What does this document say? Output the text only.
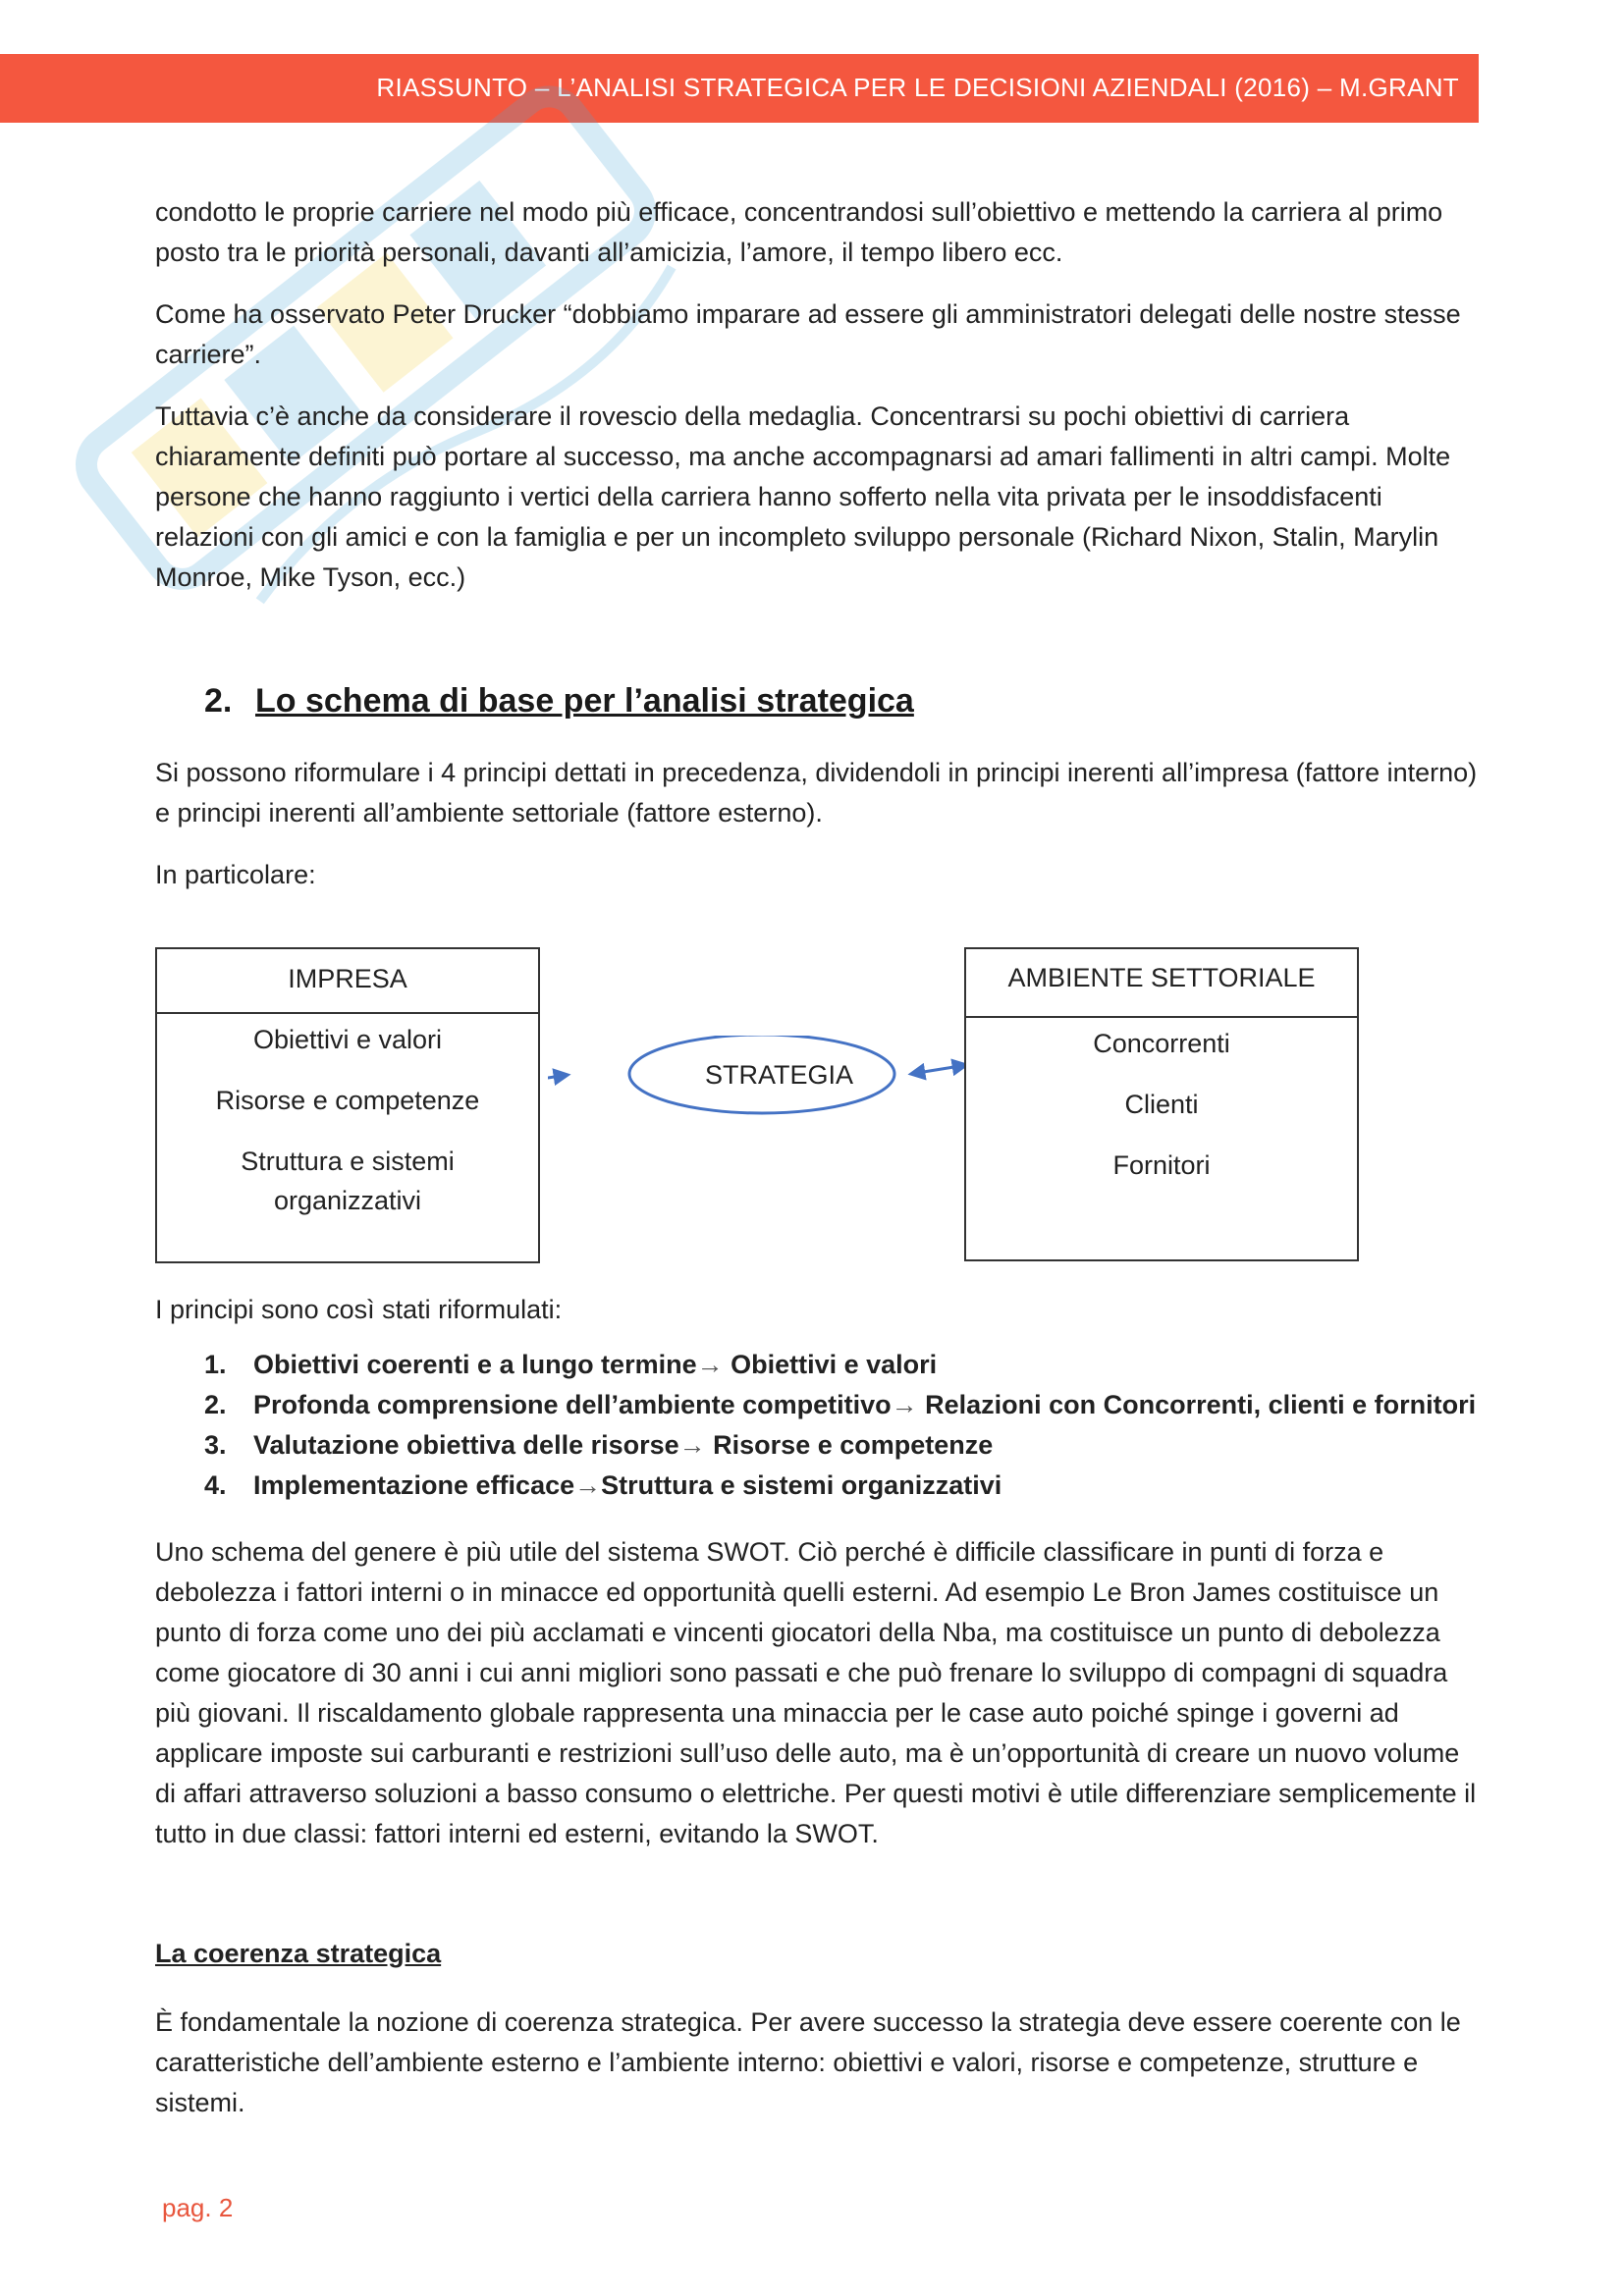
RIASSUNTO – L’ANALISI STRATEGICA PER LE DECISIONI AZIENDALI (2016) – M.GRANT

condotto le proprie carriere nel modo più efficace, concentrandosi sull’obiettivo e mettendo la carriera al primo posto tra le priorità personali, davanti all’amicizia, l’amore, il tempo libero ecc.

Come ha osservato Peter Drucker “dobbiamo imparare ad essere gli amministratori delegati delle nostre stesse carriere”.

Tuttavia c’è anche da considerare il rovescio della medaglia. Concentrarsi su pochi obiettivi di carriera chiaramente definiti può portare al successo, ma anche accompagnarsi ad amari fallimenti in altri campi. Molte persone che hanno raggiunto i vertici della carriera hanno sofferto nella vita privata per le insoddisfacenti relazioni con gli amici e con la famiglia e per un incompleto sviluppo personale (Richard Nixon, Stalin, Marylin Monroe, Mike Tyson, ecc.)

2. Lo schema di base per l’analisi strategica

Si possono riformulare i 4 principi dettati in precedenza, dividendoli in principi inerenti all’impresa (fattore interno) e principi inerenti all’ambiente settoriale (fattore esterno).

In particolare:

IMPRESA
Obiettivi e valori
Risorse e competenze
Struttura e sistemi
organizzativi
STRATEGIA
AMBIENTE SETTORIALE
Concorrenti
Clienti
Fornitori

I principi sono così stati riformulati:

1. Obiettivi coerenti e a lungo termine→ Obiettivi e valori
2. Profonda comprensione dell’ambiente competitivo→ Relazioni con Concorrenti, clienti e fornitori
3. Valutazione obiettiva delle risorse→ Risorse e competenze
4. Implementazione efficace→Struttura e sistemi organizzativi

Uno schema del genere è più utile del sistema SWOT. Ciò perché è difficile classificare in punti di forza e debolezza i fattori interni o in minacce ed opportunità quelli esterni. Ad esempio Le Bron James costituisce un punto di forza come uno dei più acclamati e vincenti giocatori della Nba, ma costituisce un punto di debolezza come giocatore di 30 anni i cui anni migliori sono passati e che può frenare lo sviluppo di compagni di squadra più giovani. Il riscaldamento globale rappresenta una minaccia per le case auto poiché spinge i governi ad applicare imposte sui carburanti e restrizioni sull’uso delle auto, ma è un’opportunità di creare un nuovo volume di affari attraverso soluzioni a basso consumo o elettriche. Per questi motivi è utile differenziare semplicemente il tutto in due classi: fattori interni ed esterni, evitando la SWOT.

La coerenza strategica

È fondamentale la nozione di coerenza strategica. Per avere successo la strategia deve essere coerente con le caratteristiche dell’ambiente esterno e l’ambiente interno: obiettivi e valori, risorse e competenze, strutture e sistemi.

pag. 2
